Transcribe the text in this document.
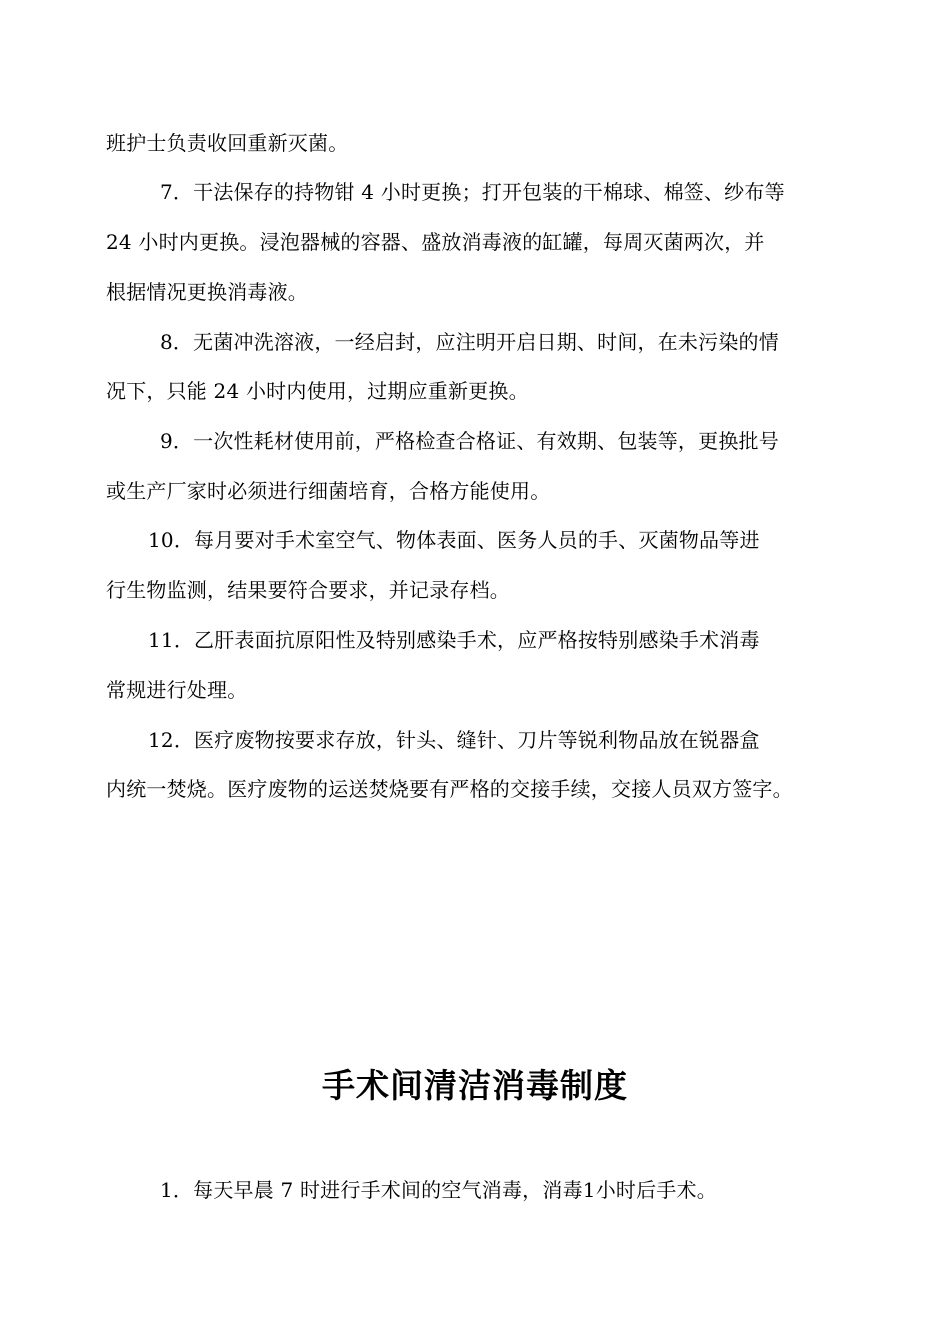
班护士负责收回重新灭菌。
7．干法保存的持物钳 4 小时更换；打开包装的干棉球、棉签、纱布等
24 小时内更换。浸泡器械的容器、盛放消毒液的缸罐，每周灭菌两次，并
根据情况更换消毒液。
8．无菌冲洗溶液，一经启封，应注明开启日期、时间，在未污染的情
况下，只能 24 小时内使用，过期应重新更换。
9．一次性耗材使用前，严格检查合格证、有效期、包装等，更换批号
或生产厂家时必须进行细菌培育，合格方能使用。
10．每月要对手术室空气、物体表面、医务人员的手、灭菌物品等进
行生物监测，结果要符合要求，并记录存档。
11．乙肝表面抗原阳性及特别感染手术，应严格按特别感染手术消毒
常规进行处理。
12．医疗废物按要求存放，针头、缝针、刀片等锐利物品放在锐器盒
内统一焚烧。医疗废物的运送焚烧要有严格的交接手续，交接人员双方签字。
手术间清洁消毒制度
1．每天早晨 7 时进行手术间的空气消毒，消毒1小时后手术。
